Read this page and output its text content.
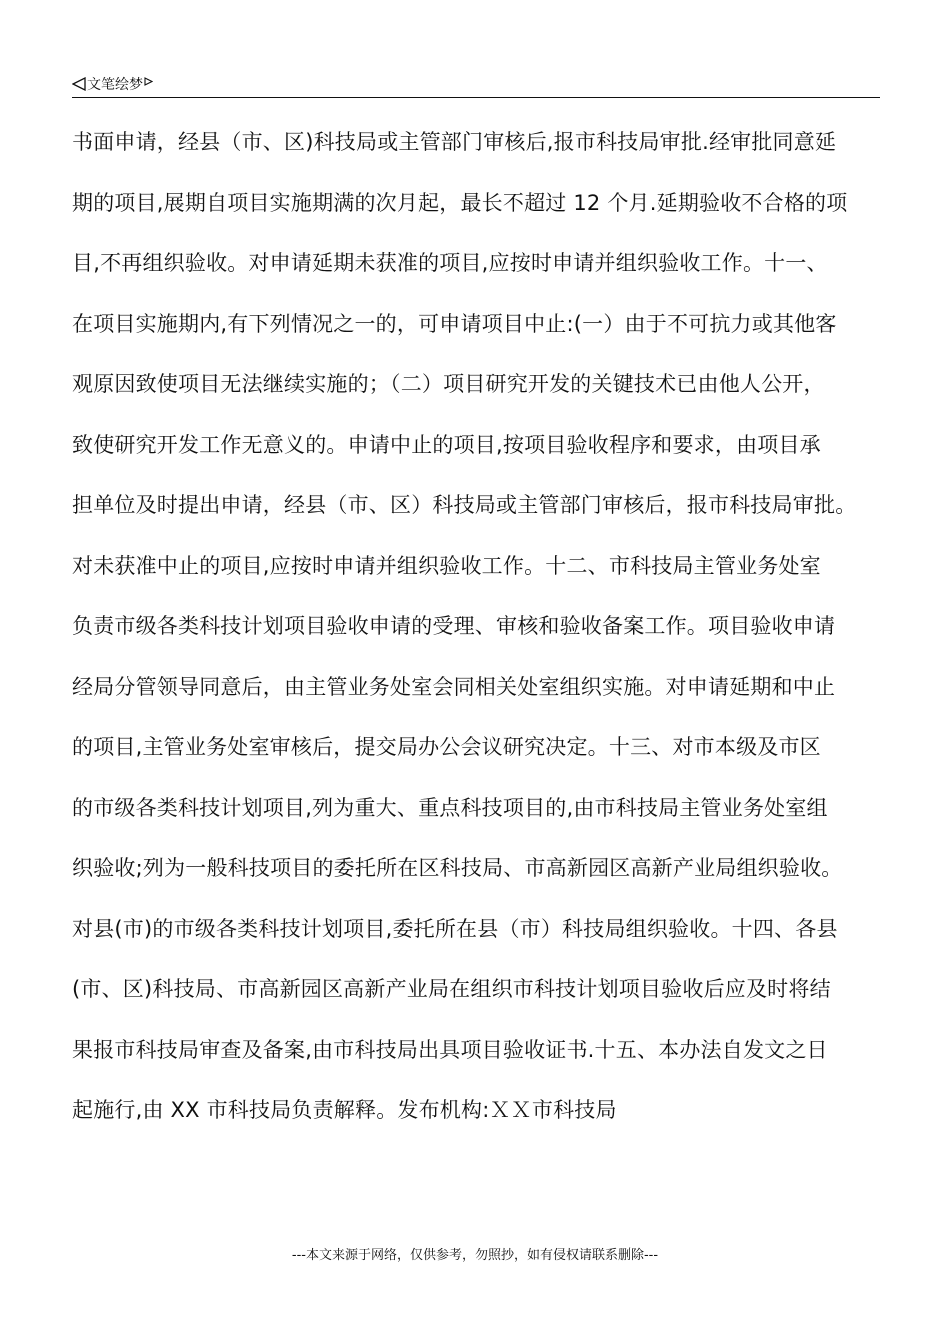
文笔绘梦
书面申请，经县（市、区)科技局或主管部门审核后,报市科技局审批.经审批同意延
期的项目,展期自项目实施期满的次月起，最长不超过 12 个月.延期验收不合格的项
目,不再组织验收。对申请延期未获准的项目,应按时申请并组织验收工作。十一、
在项目实施期内,有下列情况之一的，可申请项目中止:(一）由于不可抗力或其他客
观原因致使项目无法继续实施的；（二）项目研究开发的关键技术已由他人公开，
致使研究开发工作无意义的。申请中止的项目,按项目验收程序和要求，由项目承
担单位及时提出申请，经县（市、区）科技局或主管部门审核后，报市科技局审批。
对未获准中止的项目,应按时申请并组织验收工作。十二、市科技局主管业务处室
负责市级各类科技计划项目验收申请的受理、审核和验收备案工作。项目验收申请
经局分管领导同意后，由主管业务处室会同相关处室组织实施。对申请延期和中止
的项目,主管业务处室审核后，提交局办公会议研究决定。十三、对市本级及市区
的市级各类科技计划项目,列为重大、重点科技项目的,由市科技局主管业务处室组
织验收;列为一般科技项目的委托所在区科技局、市高新园区高新产业局组织验收。
对县(市)的市级各类科技计划项目,委托所在县（市）科技局组织验收。十四、各县
(市、区)科技局、市高新园区高新产业局在组织市科技计划项目验收后应及时将结
果报市科技局审查及备案,由市科技局出具项目验收证书.十五、本办法自发文之日
起施行,由 XX 市科技局负责解释。发布机构:ＸＸ市科技局
---本文来源于网络，仅供参考，勿照抄，如有侵权请联系删除---
